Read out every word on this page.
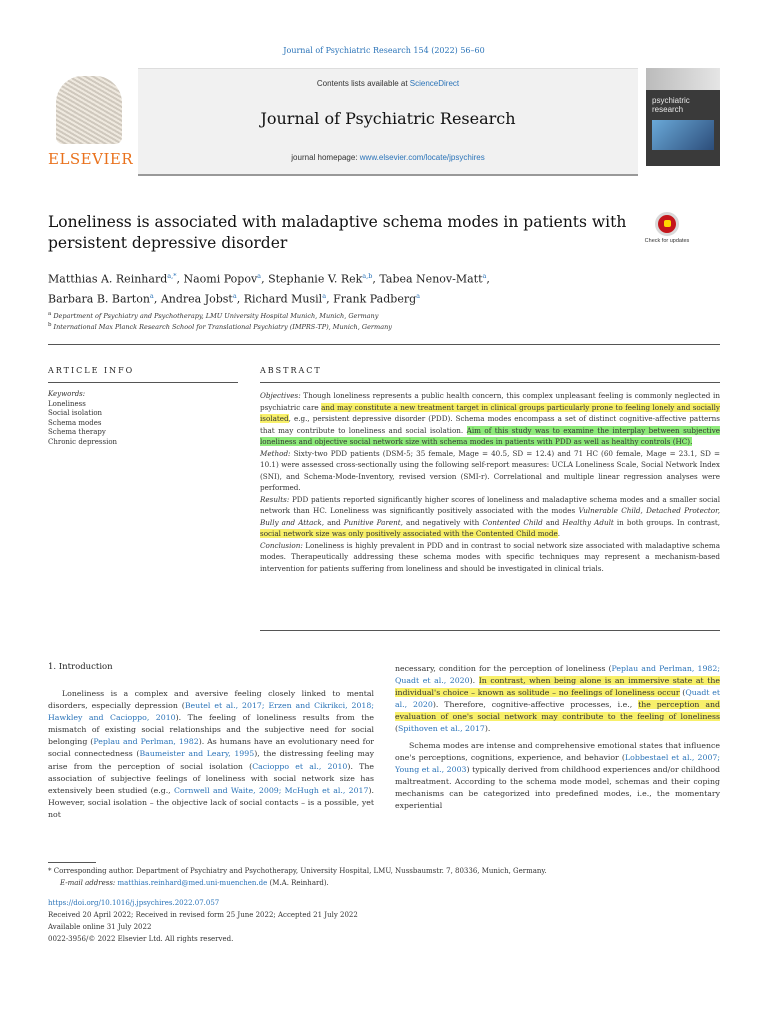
Journal of Psychiatric Research 154 (2022) 56–60
ELSEVIER
Contents lists available at ScienceDirect
Journal of Psychiatric Research
journal homepage: www.elsevier.com/locate/jpsychires
psychiatric research
Loneliness is associated with maladaptive schema modes in patients with persistent depressive disorder	Check for updates
Matthias A. Reinhard$^{a,*}$, Naomi Popov$^a$, Stephanie V. Rek$^{a,b}$, Tabea Nenov-Matt$^a$,
Barbara B. Barton$^a$, Andrea Jobst$^a$, Richard Musil$^a$, Frank Padberg$^a$
$^a$ Department of Psychiatry and Psychotherapy, LMU University Hospital Munich, Munich, Germany
$^b$ International Max Planck Research School for Translational Psychiatry (IMPRS-TP), Munich, Germany
ARTICLE INFO	ABSTRACT
Keywords:
Loneliness
Social isolation
Schema modes
Schema therapy
Chronic depression

Objectives: Though loneliness represents a public health concern, this complex unpleasant feeling is commonly neglected in psychiatric care and may constitute a new treatment target in clinical groups particularly prone to feeling lonely and socially isolated, e.g., persistent depressive disorder (PDD). Schema modes encompass a set of distinct cognitive-affective patterns that may contribute to loneliness and social isolation. Aim of this study was to examine the interplay between subjective loneliness and objective social network size with schema modes in patients with PDD as well as healthy controls (HC).

Method: Sixty-two PDD patients (DSM-5; 35 female, Mage = 40.5, SD = 12.4) and 71 HC (60 female, Mage = 23.1, SD = 10.1) were assessed cross-sectionally using the following self-report measures: UCLA Loneliness Scale, Social Network Index (SNI), and Schema-Mode-Inventory, revised version (SMI-r). Correlational and multiple linear regression analyses were performed.

Results: PDD patients reported significantly higher scores of loneliness and maladaptive schema modes and a smaller social network than HC. Loneliness was significantly positively associated with the modes Vulnerable Child, Detached Protector, Bully and Attack, and Punitive Parent, and negatively with Contented Child and Healthy Adult in both groups. In contrast, social network size was only positively associated with the Contented Child mode.

Conclusion: Loneliness is highly prevalent in PDD and in contrast to social network size associated with maladaptive schema modes. Therapeutically addressing these schema modes with specific techniques may represent a mechanism-based intervention for patients suffering from loneliness and should be investigated in clinical trials.

1. Introduction

Loneliness is a complex and aversive feeling closely linked to mental disorders, especially depression (Beutel et al., 2017; Erzen and Cikrikci, 2018; Hawkley and Cacioppo, 2010). The feeling of loneliness results from the mismatch of existing social relationships and the subjective need for social belonging (Peplau and Perlman, 1982). As humans have an evolutionary need for social connectedness (Baumeister and Leary, 1995), the distressing feeling may arise from the perception of social isolation (Cacioppo et al., 2010). The association of subjective feelings of loneliness with social network size has extensively been studied (e.g., Cornwell and Waite, 2009; McHugh et al., 2017). However, social isolation – the objective lack of social contacts – is a possible, yet not

necessary, condition for the perception of loneliness (Peplau and Perlman, 1982; Quadt et al., 2020). In contrast, when being alone is an immersive state at the individual's choice – known as solitude – no feelings of loneliness occur (Quadt et al., 2020). Therefore, cognitive-affective processes, i.e., the perception and evaluation of one's social network may contribute to the feeling of loneliness (Spithoven et al., 2017).

Schema modes are intense and comprehensive emotional states that influence one's perceptions, cognitions, experience, and behavior (Lobbestael et al., 2007; Young et al., 2003) typically derived from childhood experiences and/or childhood maltreatment. According to the schema mode model, schemas and their coping mechanisms can be categorized into predefined modes, i.e., the momentary experiential

* Corresponding author. Department of Psychiatry and Psychotherapy, University Hospital, LMU, Nussbaumstr. 7, 80336, Munich, Germany.
E-mail address: matthias.reinhard@med.uni-muenchen.de (M.A. Reinhard).
https://doi.org/10.1016/j.jpsychires.2022.07.057
Received 20 April 2022; Received in revised form 25 June 2022; Accepted 21 July 2022
Available online 31 July 2022
0022-3956/© 2022 Elsevier Ltd. All rights reserved.
